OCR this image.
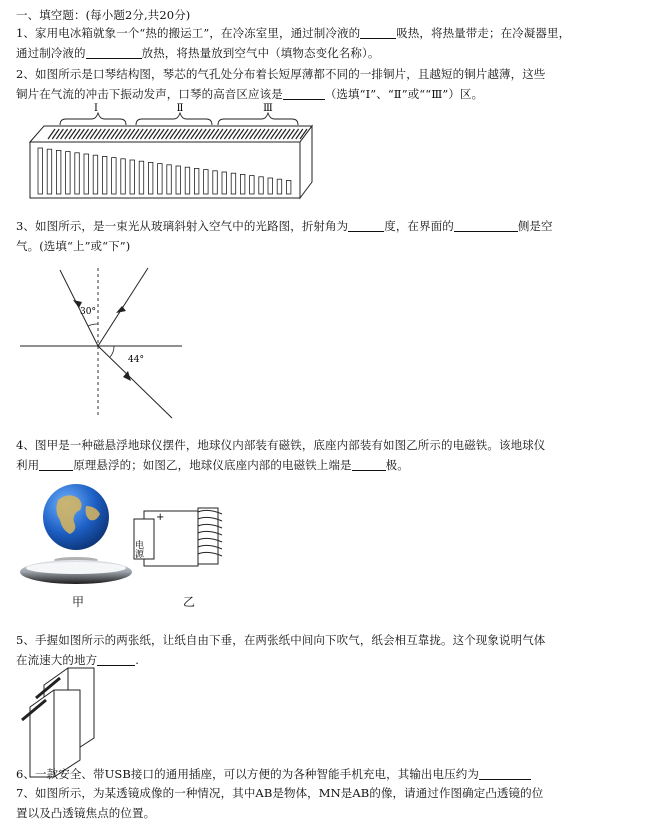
一、填空题：(每小题2分,共20分)
1、家用电冰箱就象一个“热的搬运工”，在冷冻室里，通过制冷液的	吸热，将热量带走；在冷凝器里，
通过制冷液的	放热，将热量放到空气中（填物态变化名称）。
2、如图所示是口琴结构图，琴芯的气孔处分布着长短厚薄都不同的一排铜片，且越短的铜片越薄，这些
铜片在气流的冲击下振动发声，口琴的高音区应该是	（选填“Ⅰ”、“Ⅱ”或““Ⅲ”）区。
Ⅰ	Ⅱ	Ⅲ
3、如图所示，是一束光从玻璃斜射入空气中的光路图，折射角为	度，在界面的	侧是空
气。(选填“上”或“下”)
30°
44°
4、图甲是一种磁悬浮地球仪摆件，地球仪内部装有磁铁，底座内部装有如图乙所示的电磁铁。该地球仪
利用	原理悬浮的；如图乙，地球仪底座内部的电磁铁上端是	极。
+
电源
甲	乙
5、手握如图所示的两张纸，让纸自由下垂，在两张纸中间向下吹气，纸会相互靠拢。这个现象说明气体
在流速大的地方	.
6、一款安全、带USB接口的通用插座，可以方便的为各种智能手机充电，其输出电压约为
7、如图所示，为某透镜成像的一种情况，其中AB是物体，MN是AB的像，请通过作图确定凸透镜的位
置以及凸透镜焦点的位置。
